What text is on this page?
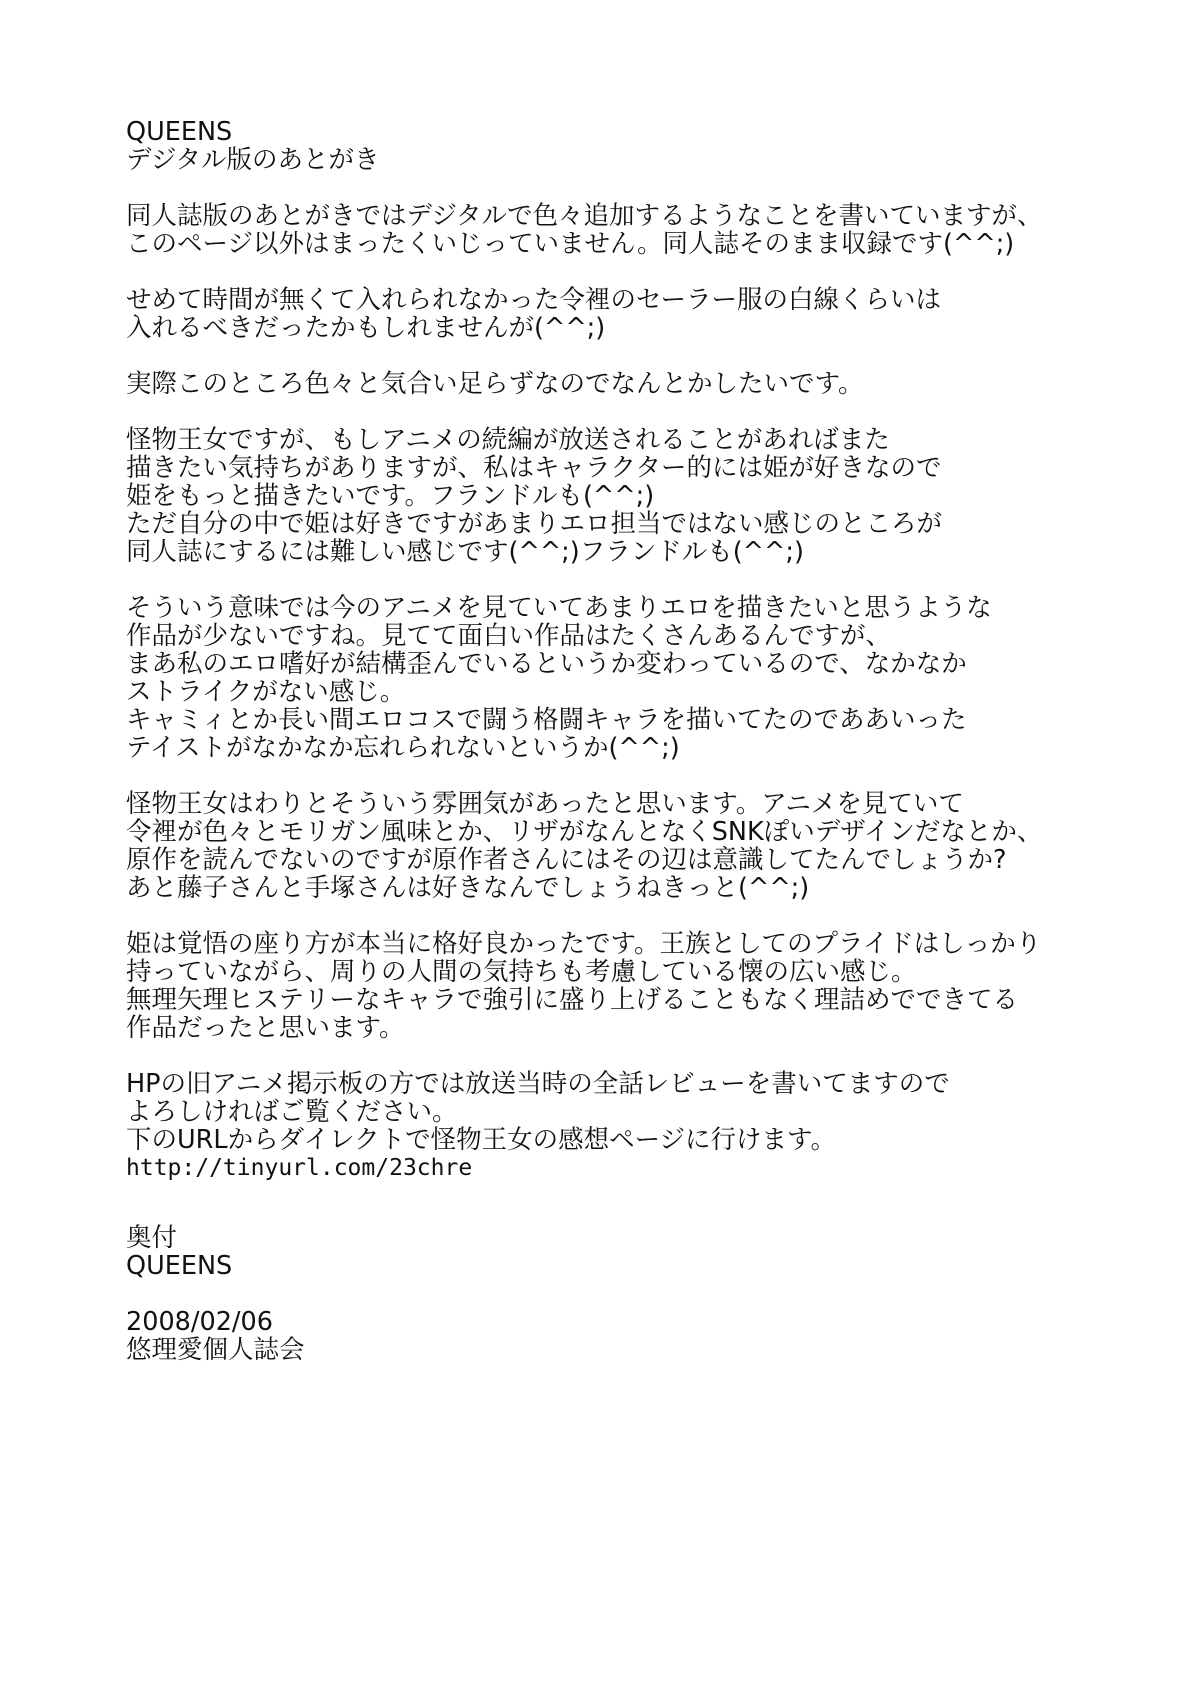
QUEENS
デジタル版のあとがき
同人誌版のあとがきではデジタルで色々追加するようなことを書いていますが、
このページ以外はまったくいじっていません。同人誌そのまま収録です(^^;)
せめて時間が無くて入れられなかった令裡のセーラー服の白線くらいは
入れるべきだったかもしれませんが(^^;)
実際このところ色々と気合い足らずなのでなんとかしたいです。
怪物王女ですが、もしアニメの続編が放送されることがあればまた
描きたい気持ちがありますが、私はキャラクター的には姫が好きなので
姫をもっと描きたいです。フランドルも(^^;)
ただ自分の中で姫は好きですがあまりエロ担当ではない感じのところが
同人誌にするには難しい感じです(^^;)フランドルも(^^;)
そういう意味では今のアニメを見ていてあまりエロを描きたいと思うような
作品が少ないですね。見てて面白い作品はたくさんあるんですが、
まあ私のエロ嗜好が結構歪んでいるというか変わっているので、なかなか
ストライクがない感じ。
キャミィとか長い間エロコスで闘う格闘キャラを描いてたのでああいった
テイストがなかなか忘れられないというか(^^;)
怪物王女はわりとそういう雰囲気があったと思います。アニメを見ていて
令裡が色々とモリガン風味とか、リザがなんとなくSNKぽいデザインだなとか、
原作を読んでないのですが原作者さんにはその辺は意識してたんでしょうか?
あと藤子さんと手塚さんは好きなんでしょうねきっと(^^;)
姫は覚悟の座り方が本当に格好良かったです。王族としてのプライドはしっかり
持っていながら、周りの人間の気持ちも考慮している懐の広い感じ。
無理矢理ヒステリーなキャラで強引に盛り上げることもなく理詰めでできてる
作品だったと思います。
HPの旧アニメ掲示板の方では放送当時の全話レビューを書いてますので
よろしければご覧ください。
下のURLからダイレクトで怪物王女の感想ページに行けます。
http://tinyurl.com/23chre
奥付
QUEENS
2008/02/06
悠理愛個人誌会
